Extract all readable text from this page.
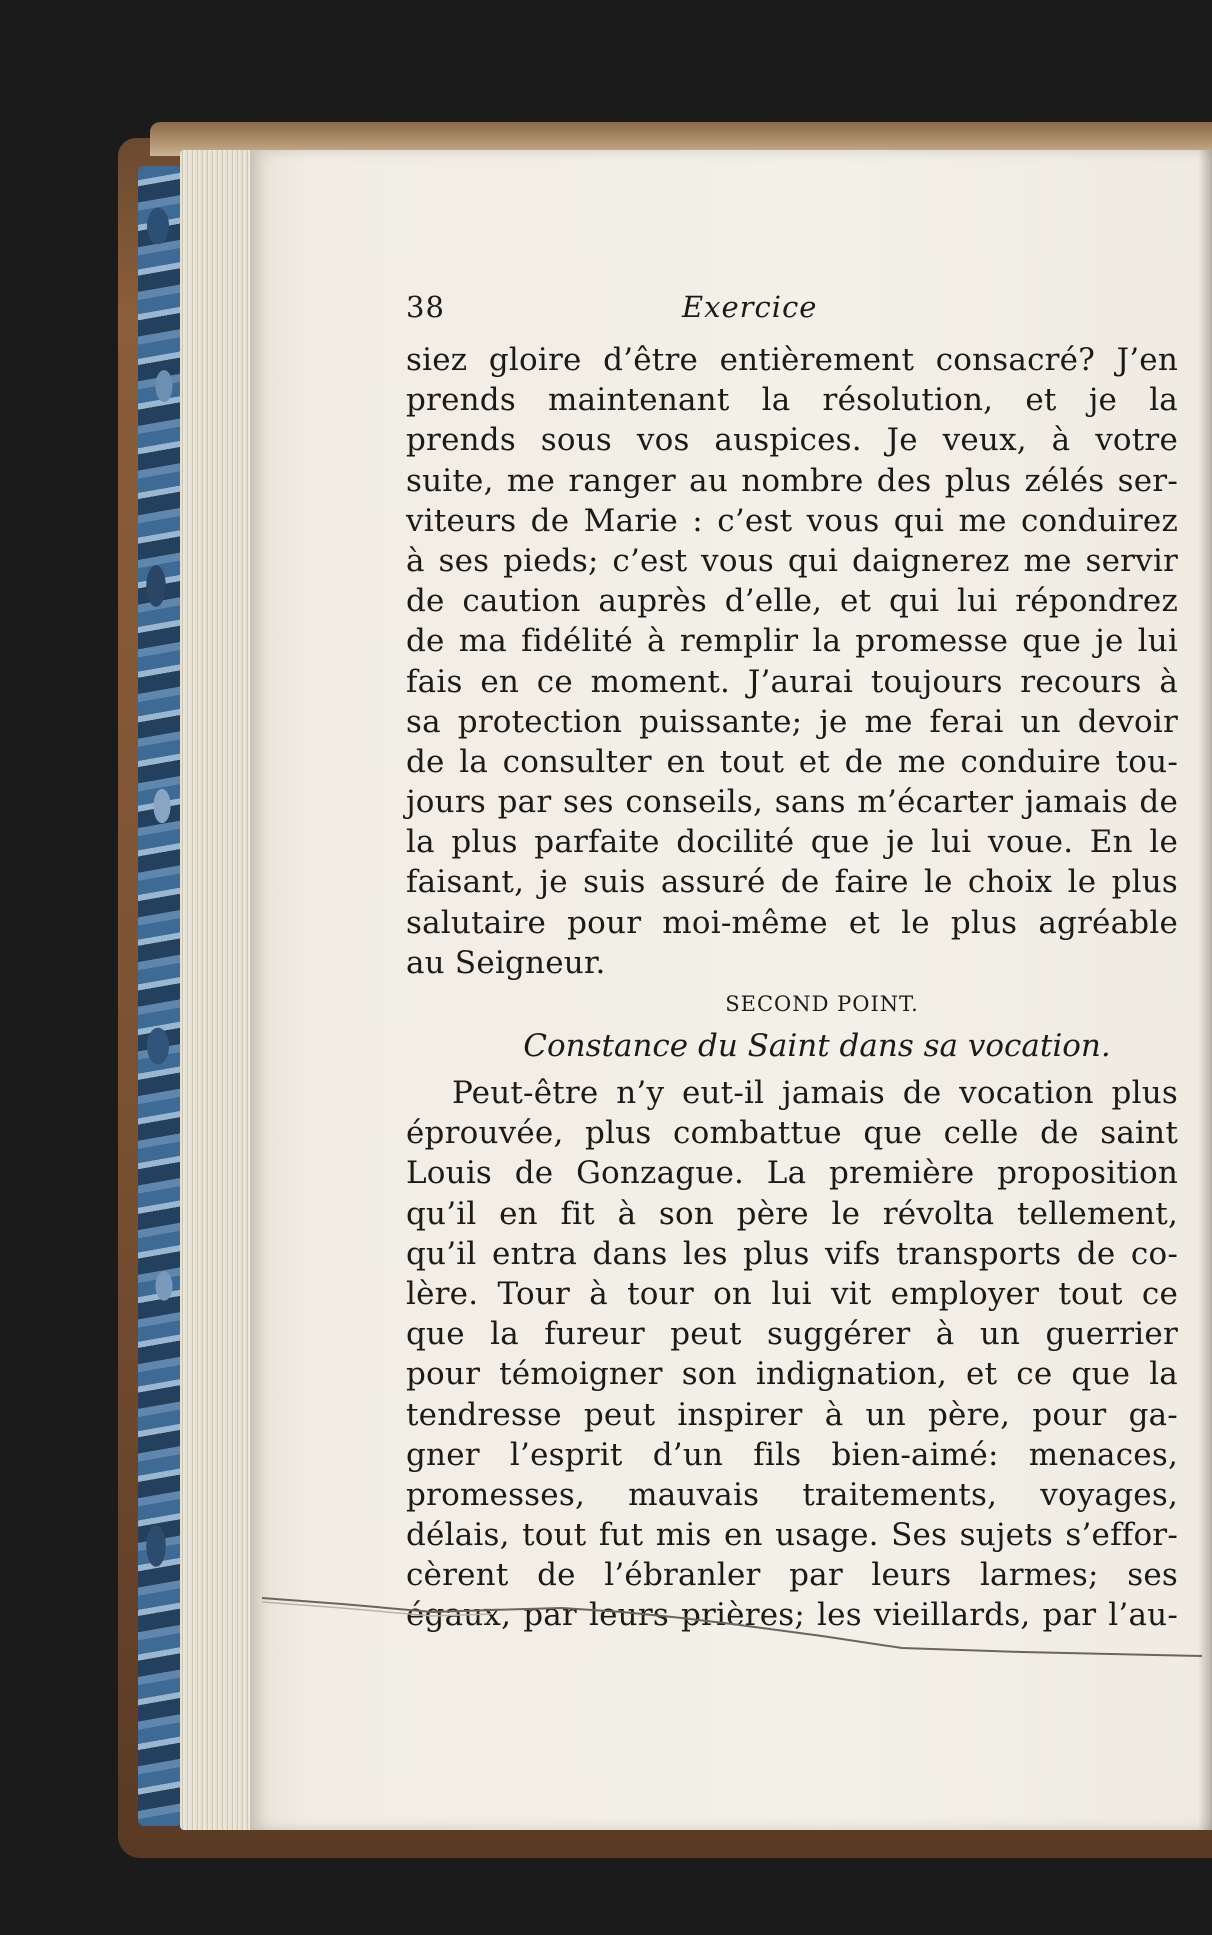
38	Exercice
siez gloire d’être entièrement consacré? J’en
prends maintenant la résolution, et je la
prends sous vos auspices. Je veux, à votre
suite, me ranger au nombre des plus zélés ser-
viteurs de Marie : c’est vous qui me conduirez
à ses pieds; c’est vous qui daignerez me servir
de caution auprès d’elle, et qui lui répondrez
de ma fidélité à remplir la promesse que je lui
fais en ce moment. J’aurai toujours recours à
sa protection puissante; je me ferai un devoir
de la consulter en tout et de me conduire tou-
jours par ses conseils, sans m’écarter jamais de
la plus parfaite docilité que je lui voue. En le
faisant, je suis assuré de faire le choix le plus
salutaire pour moi-même et le plus agréable
au Seigneur.
SECOND POINT.
Constance du Saint dans sa vocation.
Peut-être n’y eut-il jamais de vocation plus
éprouvée, plus combattue que celle de saint
Louis de Gonzague. La première proposition
qu’il en fit à son père le révolta tellement,
qu’il entra dans les plus vifs transports de co-
lère. Tour à tour on lui vit employer tout ce
que la fureur peut suggérer à un guerrier
pour témoigner son indignation, et ce que la
tendresse peut inspirer à un père, pour ga-
gner l’esprit d’un fils bien-aimé: menaces,
promesses, mauvais traitements, voyages,
délais, tout fut mis en usage. Ses sujets s’effor-
cèrent de l’ébranler par leurs larmes; ses
égaux, par leurs prières; les vieillards, par l’au-
